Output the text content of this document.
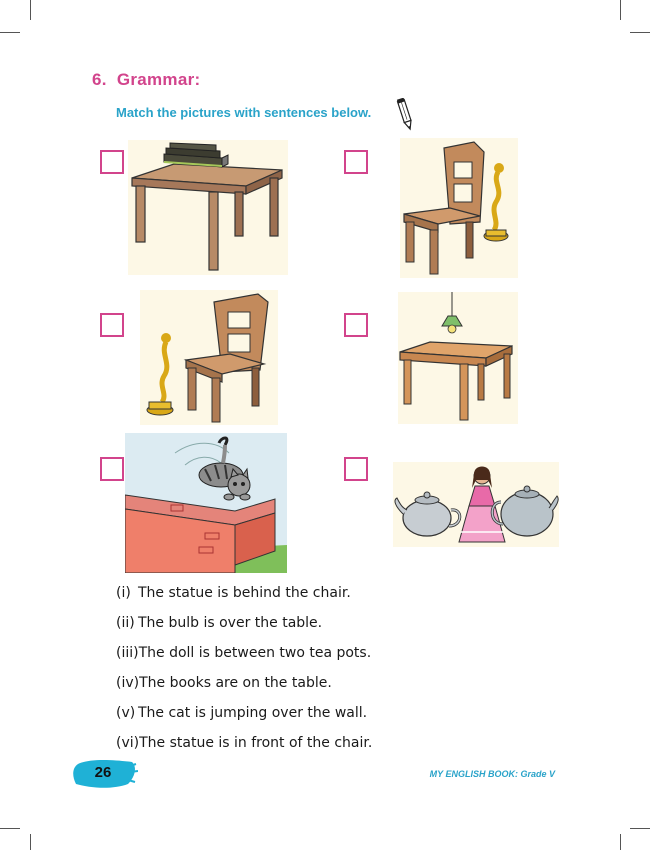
6. Grammar:
Match the pictures with sentences below.
(i) The statue is behind the chair.
(ii) The bulb is over the table.
(iii) The doll is between two tea pots.
(iv) The books are on the table.
(v) The cat is jumping over the wall.
(vi) The statue is in front of the chair.
26	MY ENGLISH BOOK: Grade V
